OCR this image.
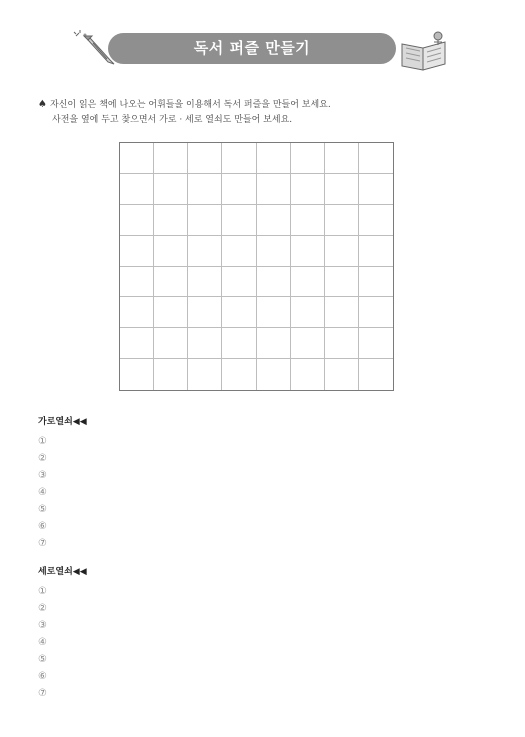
독서 퍼즐 만들기
♠ 자신이 읽은 책에 나오는 어휘들을 이용해서 독서 퍼즐을 만들어 보세요.
사전을 옆에 두고 찾으면서 가로 · 세로 열쇠도 만들어 보세요.
가로열쇠◀◀
①
②
③
④
⑤
⑥
⑦
세로열쇠◀◀
①
②
③
④
⑤
⑥
⑦
